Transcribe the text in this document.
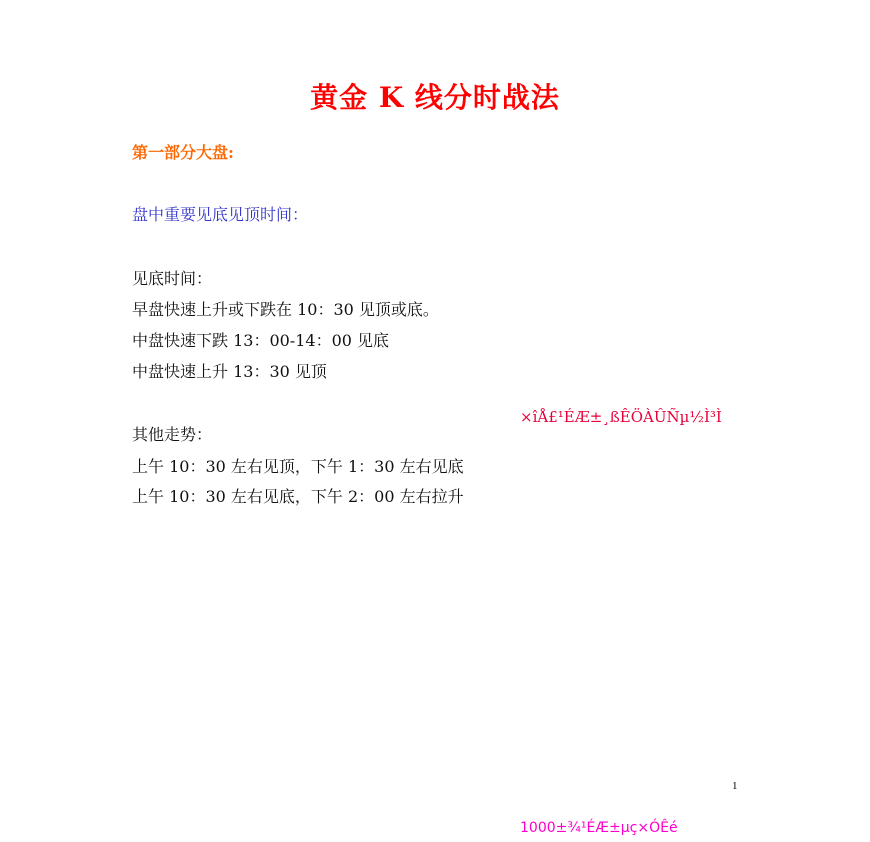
黄金 K 线分时战法
第一部分大盘:
盘中重要见底见顶时间：
见底时间：
早盘快速上升或下跌在 10：30 见顶或底。
中盘快速下跌 13：00-14：00 见底
中盘快速上升 13：30 见顶
×îÅ£¹ÉÆ±¸ßÊÖÀÛÑµ½Ì³Ì
其他走势：
上午 10：30 左右见顶，下午 1：30 左右见底
上午 10：30 左右见底，下午 2：00 左右拉升
1
1000±¾¹ÉÆ±µç×ÓÊé
